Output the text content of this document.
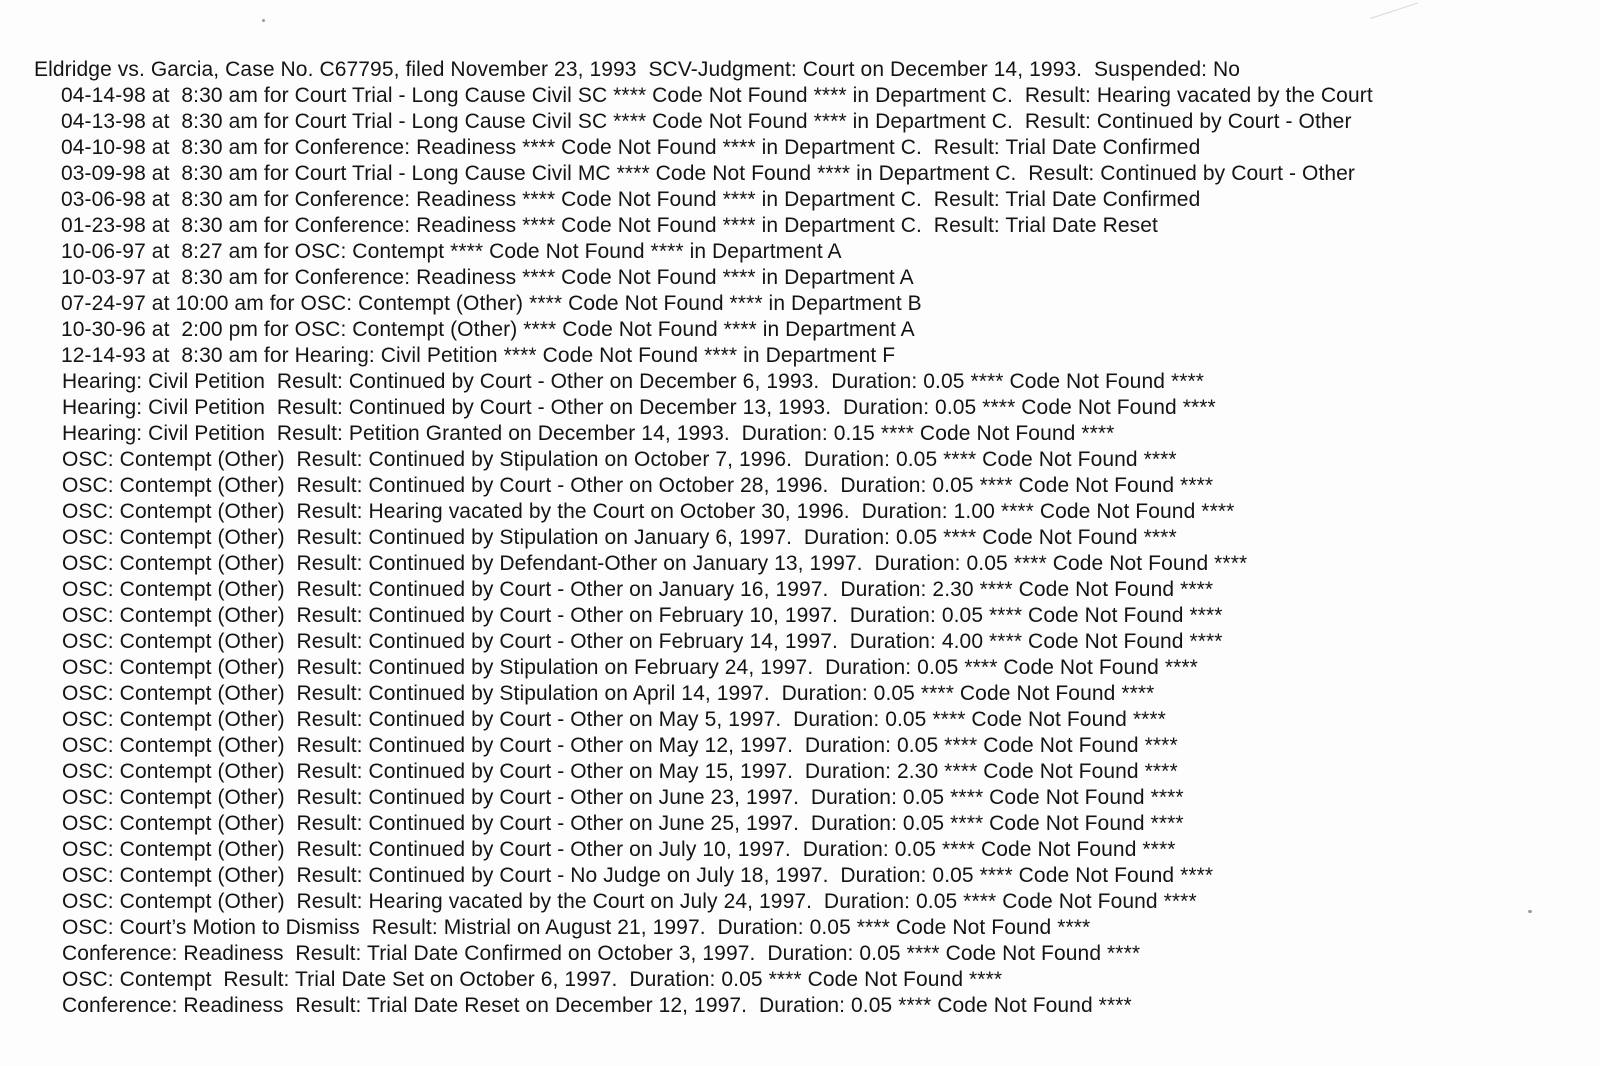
Eldridge vs. Garcia, Case No. C67795, filed November 23, 1993  SCV-Judgment: Court on December 14, 1993.  Suspended: No
04-14-98 at  8:30 am for Court Trial - Long Cause Civil SC **** Code Not Found **** in Department C.  Result: Hearing vacated by the Court
04-13-98 at  8:30 am for Court Trial - Long Cause Civil SC **** Code Not Found **** in Department C.  Result: Continued by Court - Other
04-10-98 at  8:30 am for Conference: Readiness **** Code Not Found **** in Department C.  Result: Trial Date Confirmed
03-09-98 at  8:30 am for Court Trial - Long Cause Civil MC **** Code Not Found **** in Department C.  Result: Continued by Court - Other
03-06-98 at  8:30 am for Conference: Readiness **** Code Not Found **** in Department C.  Result: Trial Date Confirmed
01-23-98 at  8:30 am for Conference: Readiness **** Code Not Found **** in Department C.  Result: Trial Date Reset
10-06-97 at  8:27 am for OSC: Contempt **** Code Not Found **** in Department A
10-03-97 at  8:30 am for Conference: Readiness **** Code Not Found **** in Department A
07-24-97 at 10:00 am for OSC: Contempt (Other) **** Code Not Found **** in Department B
10-30-96 at  2:00 pm for OSC: Contempt (Other) **** Code Not Found **** in Department A
12-14-93 at  8:30 am for Hearing: Civil Petition **** Code Not Found **** in Department F
Hearing: Civil Petition  Result: Continued by Court - Other on December 6, 1993.  Duration: 0.05 **** Code Not Found ****
Hearing: Civil Petition  Result: Continued by Court - Other on December 13, 1993.  Duration: 0.05 **** Code Not Found ****
Hearing: Civil Petition  Result: Petition Granted on December 14, 1993.  Duration: 0.15 **** Code Not Found ****
OSC: Contempt (Other)  Result: Continued by Stipulation on October 7, 1996.  Duration: 0.05 **** Code Not Found ****
OSC: Contempt (Other)  Result: Continued by Court - Other on October 28, 1996.  Duration: 0.05 **** Code Not Found ****
OSC: Contempt (Other)  Result: Hearing vacated by the Court on October 30, 1996.  Duration: 1.00 **** Code Not Found ****
OSC: Contempt (Other)  Result: Continued by Stipulation on January 6, 1997.  Duration: 0.05 **** Code Not Found ****
OSC: Contempt (Other)  Result: Continued by Defendant-Other on January 13, 1997.  Duration: 0.05 **** Code Not Found ****
OSC: Contempt (Other)  Result: Continued by Court - Other on January 16, 1997.  Duration: 2.30 **** Code Not Found ****
OSC: Contempt (Other)  Result: Continued by Court - Other on February 10, 1997.  Duration: 0.05 **** Code Not Found ****
OSC: Contempt (Other)  Result: Continued by Court - Other on February 14, 1997.  Duration: 4.00 **** Code Not Found ****
OSC: Contempt (Other)  Result: Continued by Stipulation on February 24, 1997.  Duration: 0.05 **** Code Not Found ****
OSC: Contempt (Other)  Result: Continued by Stipulation on April 14, 1997.  Duration: 0.05 **** Code Not Found ****
OSC: Contempt (Other)  Result: Continued by Court - Other on May 5, 1997.  Duration: 0.05 **** Code Not Found ****
OSC: Contempt (Other)  Result: Continued by Court - Other on May 12, 1997.  Duration: 0.05 **** Code Not Found ****
OSC: Contempt (Other)  Result: Continued by Court - Other on May 15, 1997.  Duration: 2.30 **** Code Not Found ****
OSC: Contempt (Other)  Result: Continued by Court - Other on June 23, 1997.  Duration: 0.05 **** Code Not Found ****
OSC: Contempt (Other)  Result: Continued by Court - Other on June 25, 1997.  Duration: 0.05 **** Code Not Found ****
OSC: Contempt (Other)  Result: Continued by Court - Other on July 10, 1997.  Duration: 0.05 **** Code Not Found ****
OSC: Contempt (Other)  Result: Continued by Court - No Judge on July 18, 1997.  Duration: 0.05 **** Code Not Found ****
OSC: Contempt (Other)  Result: Hearing vacated by the Court on July 24, 1997.  Duration: 0.05 **** Code Not Found ****
OSC: Court’s Motion to Dismiss  Result: Mistrial on August 21, 1997.  Duration: 0.05 **** Code Not Found ****
Conference: Readiness  Result: Trial Date Confirmed on October 3, 1997.  Duration: 0.05 **** Code Not Found ****
OSC: Contempt  Result: Trial Date Set on October 6, 1997.  Duration: 0.05 **** Code Not Found ****
Conference: Readiness  Result: Trial Date Reset on December 12, 1997.  Duration: 0.05 **** Code Not Found ****
